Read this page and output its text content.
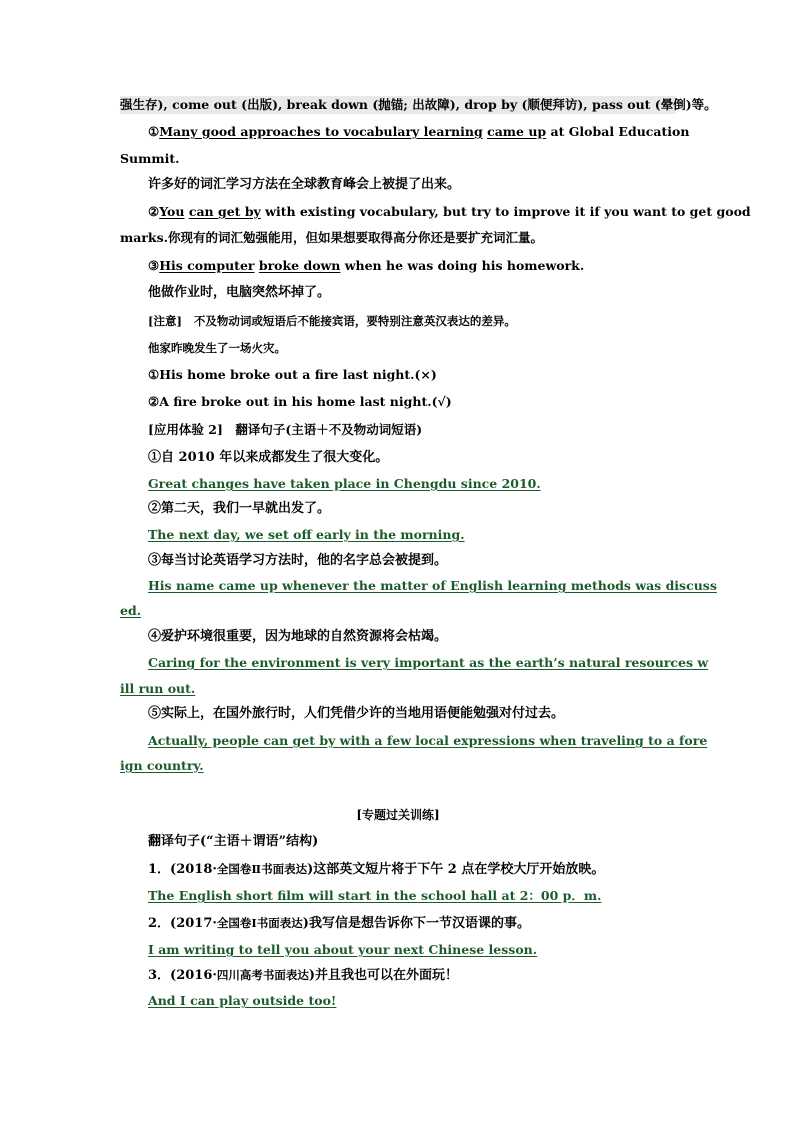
强生存), come out (出版), break down (抛锚; 出故障), drop by (顺便拜访), pass out (晕倒)等。
①Many good approaches to vocabulary learning came up at Global Education
Summit.
许多好的词汇学习方法在全球教育峰会上被提了出来。
②You can get by with existing vocabulary, but try to improve it if you want to get good
marks.你现有的词汇勉强能用，但如果想要取得高分你还是要扩充词汇量。
③His computer broke down when he was doing his homework.
他做作业时，电脑突然坏掉了。
[注意] 不及物动词或短语后不能接宾语，要特别注意英汉表达的差异。
他家昨晚发生了一场火灾。
①His home broke out a fire last night.(×)
②A fire broke out in his home last night.(√)
[应用体验 2]　翻译句子(主语＋不及物动词短语)
①自 2010 年以来成都发生了很大变化。
Great changes have taken place in Chengdu since 2010.
②第二天，我们一早就出发了。
The next day, we set off early in the morning.
③每当讨论英语学习方法时，他的名字总会被提到。
His name came up whenever the matter of English learning methods was discuss
ed.
④爱护环境很重要，因为地球的自然资源将会枯竭。
Caring for the environment is very important as the earth’s natural resources w
ill run out.
⑤实际上，在国外旅行时，人们凭借少许的当地用语便能勉强对付过去。
Actually, people can get by with a few local expressions when traveling to a fore
ign country.
[专题过关训练]
翻译句子(“主语＋谓语”结构)
1．(2018·全国卷Ⅱ书面表达)这部英文短片将于下午 2 点在学校大厅开始放映。
The English short film will start in the school hall at 2：00 p．m.
2．(2017·全国卷Ⅰ书面表达)我写信是想告诉你下一节汉语课的事。
I am writing to tell you about your next Chinese lesson.
3．(2016·四川高考书面表达)并且我也可以在外面玩！
And I can play outside too!
